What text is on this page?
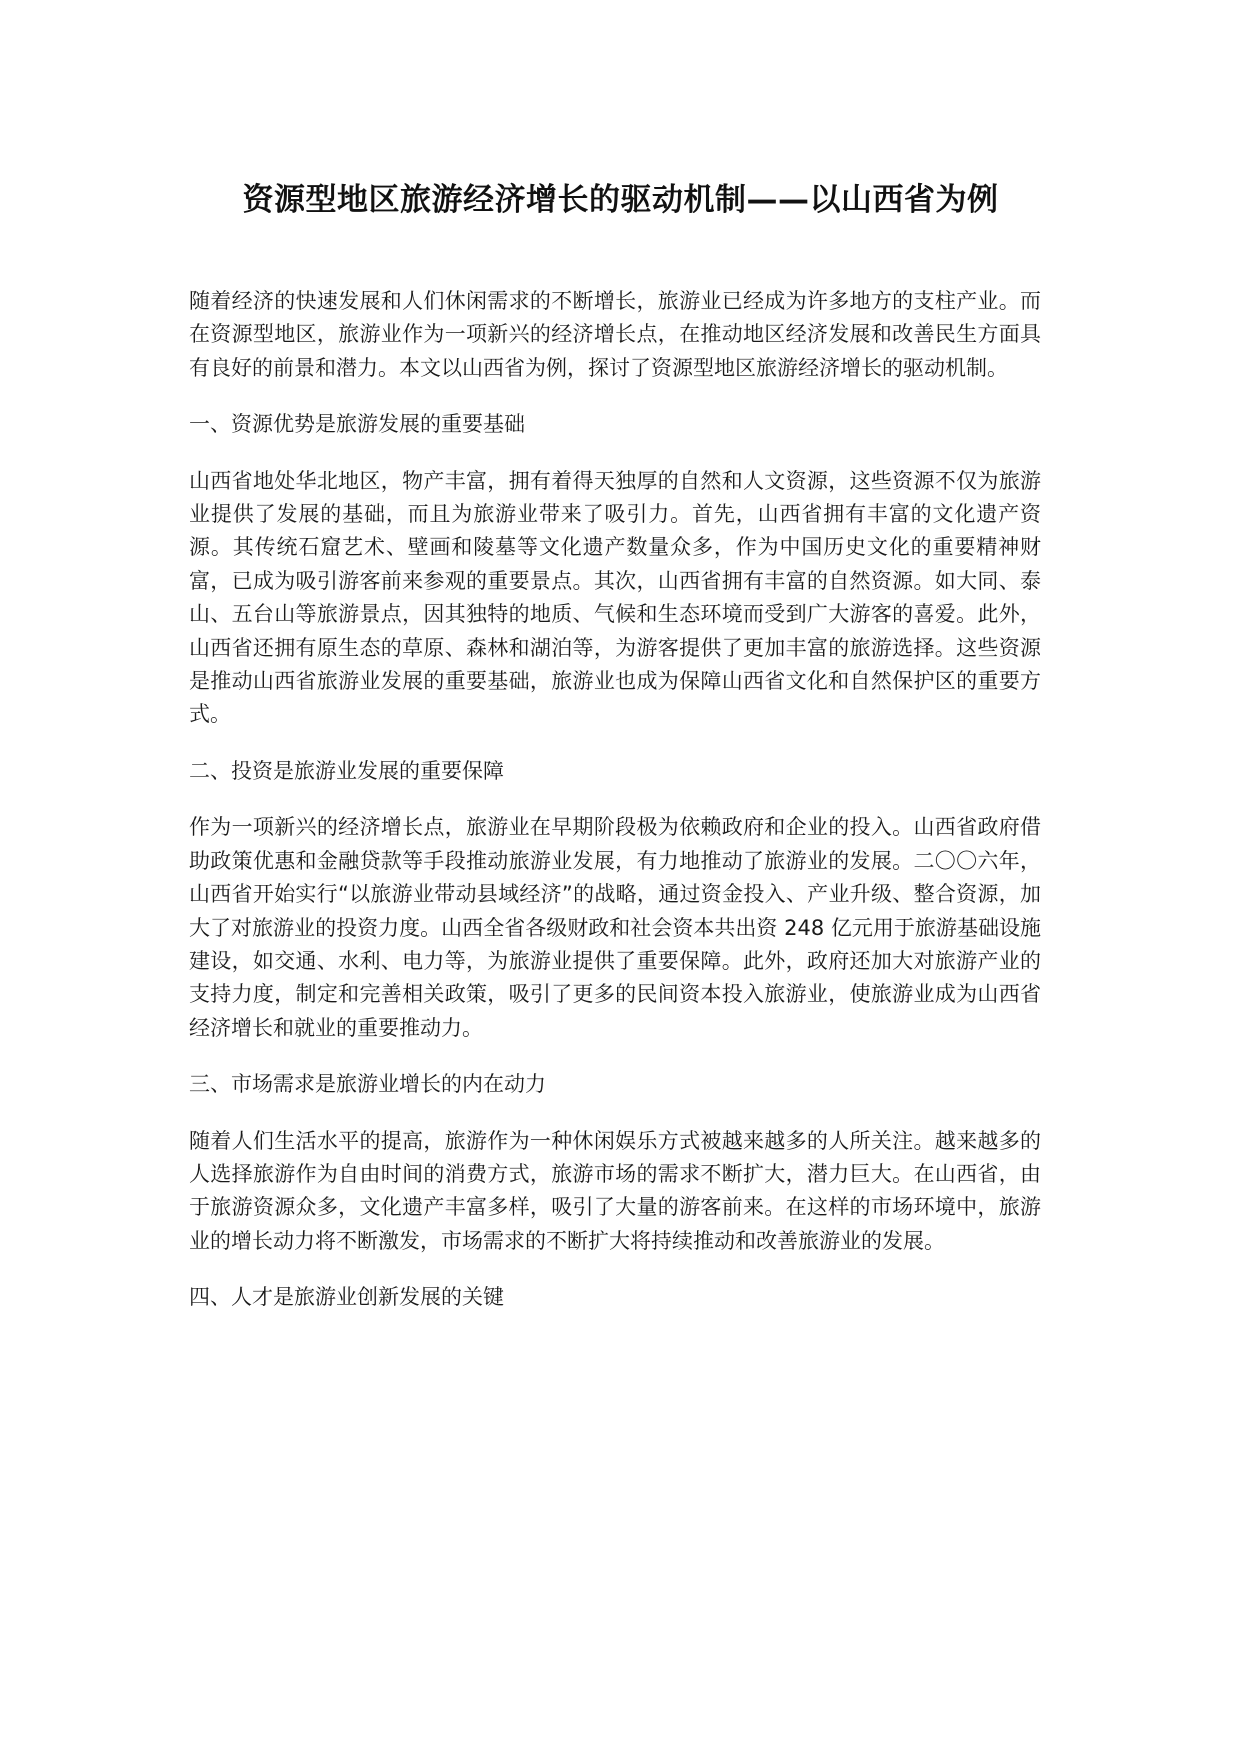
资源型地区旅游经济增长的驱动机制——以山西省为例

随着经济的快速发展和人们休闲需求的不断增长，旅游业已经成为许多地方的支柱产业。而在资源型地区，旅游业作为一项新兴的经济增长点，在推动地区经济发展和改善民生方面具有良好的前景和潜力。本文以山西省为例，探讨了资源型地区旅游经济增长的驱动机制。

一、资源优势是旅游发展的重要基础

山西省地处华北地区，物产丰富，拥有着得天独厚的自然和人文资源，这些资源不仅为旅游业提供了发展的基础，而且为旅游业带来了吸引力。首先，山西省拥有丰富的文化遗产资源。其传统石窟艺术、壁画和陵墓等文化遗产数量众多，作为中国历史文化的重要精神财富，已成为吸引游客前来参观的重要景点。其次，山西省拥有丰富的自然资源。如大同、泰山、五台山等旅游景点，因其独特的地质、气候和生态环境而受到广大游客的喜爱。此外，山西省还拥有原生态的草原、森林和湖泊等，为游客提供了更加丰富的旅游选择。这些资源是推动山西省旅游业发展的重要基础，旅游业也成为保障山西省文化和自然保护区的重要方式。

二、投资是旅游业发展的重要保障

作为一项新兴的经济增长点，旅游业在早期阶段极为依赖政府和企业的投入。山西省政府借助政策优惠和金融贷款等手段推动旅游业发展，有力地推动了旅游业的发展。二〇〇六年，山西省开始实行“以旅游业带动县域经济”的战略，通过资金投入、产业升级、整合资源，加大了对旅游业的投资力度。山西全省各级财政和社会资本共出资 248 亿元用于旅游基础设施建设，如交通、水利、电力等，为旅游业提供了重要保障。此外，政府还加大对旅游产业的支持力度，制定和完善相关政策，吸引了更多的民间资本投入旅游业，使旅游业成为山西省经济增长和就业的重要推动力。

三、市场需求是旅游业增长的内在动力

随着人们生活水平的提高，旅游作为一种休闲娱乐方式被越来越多的人所关注。越来越多的人选择旅游作为自由时间的消费方式，旅游市场的需求不断扩大，潜力巨大。在山西省，由于旅游资源众多，文化遗产丰富多样，吸引了大量的游客前来。在这样的市场环境中，旅游业的增长动力将不断激发，市场需求的不断扩大将持续推动和改善旅游业的发展。

四、人才是旅游业创新发展的关键
